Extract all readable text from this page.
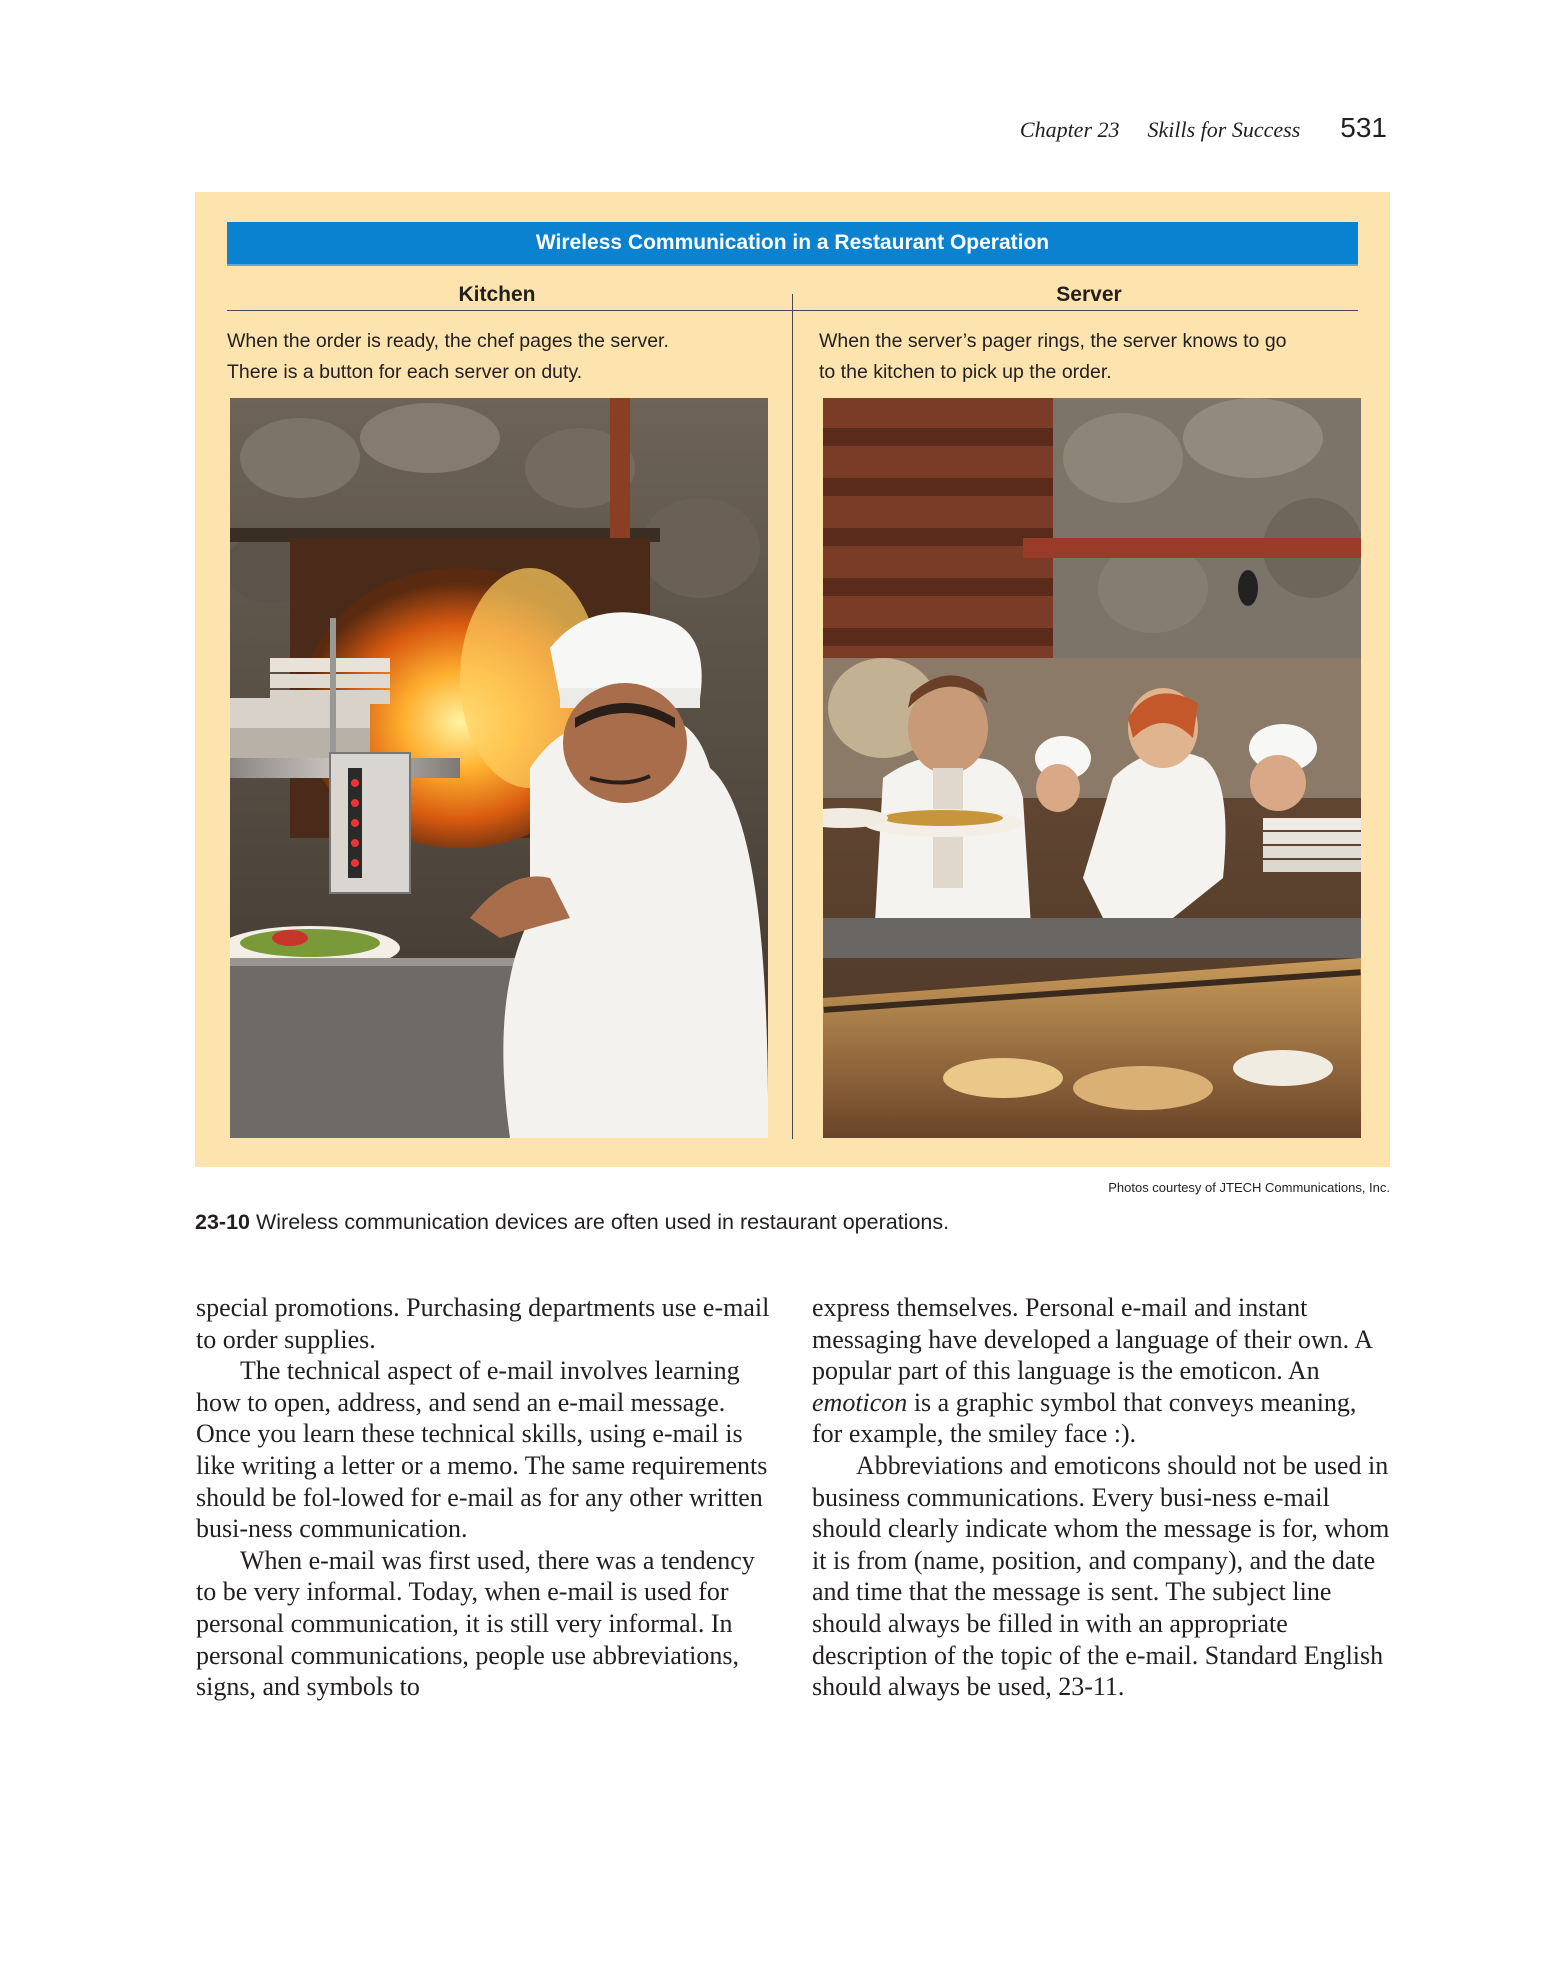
Chapter 23 Skills for Success 531
Wireless Communication in a Restaurant Operation
Kitchen	Server
When the order is ready, the chef pages the server.
There is a button for each server on duty.
When the server’s pager rings, the server knows to go
to the kitchen to pick up the order.
Photos courtesy of JTECH Communications, Inc.
23-10 Wireless communication devices are often used in restaurant operations.

special promotions. Purchasing departments use e-mail to order supplies.

The technical aspect of e-mail involves learning how to open, address, and send an e-mail message. Once you learn these technical skills, using e-mail is like writing a letter or a memo. The same requirements should be fol-lowed for e-mail as for any other written busi-ness communication.

When e-mail was first used, there was a tendency to be very informal. Today, when e-mail is used for personal communication, it is still very informal. In personal communications, people use abbreviations, signs, and symbols to

express themselves. Personal e-mail and instant messaging have developed a language of their own. A popular part of this language is the emoticon. An emoticon is a graphic symbol that conveys meaning, for example, the smiley face :).

Abbreviations and emoticons should not be used in business communications. Every busi-ness e-mail should clearly indicate whom the message is for, whom it is from (name, position, and company), and the date and time that the message is sent. The subject line should always be filled in with an appropriate description of the topic of the e-mail. Standard English should always be used, 23-11.
